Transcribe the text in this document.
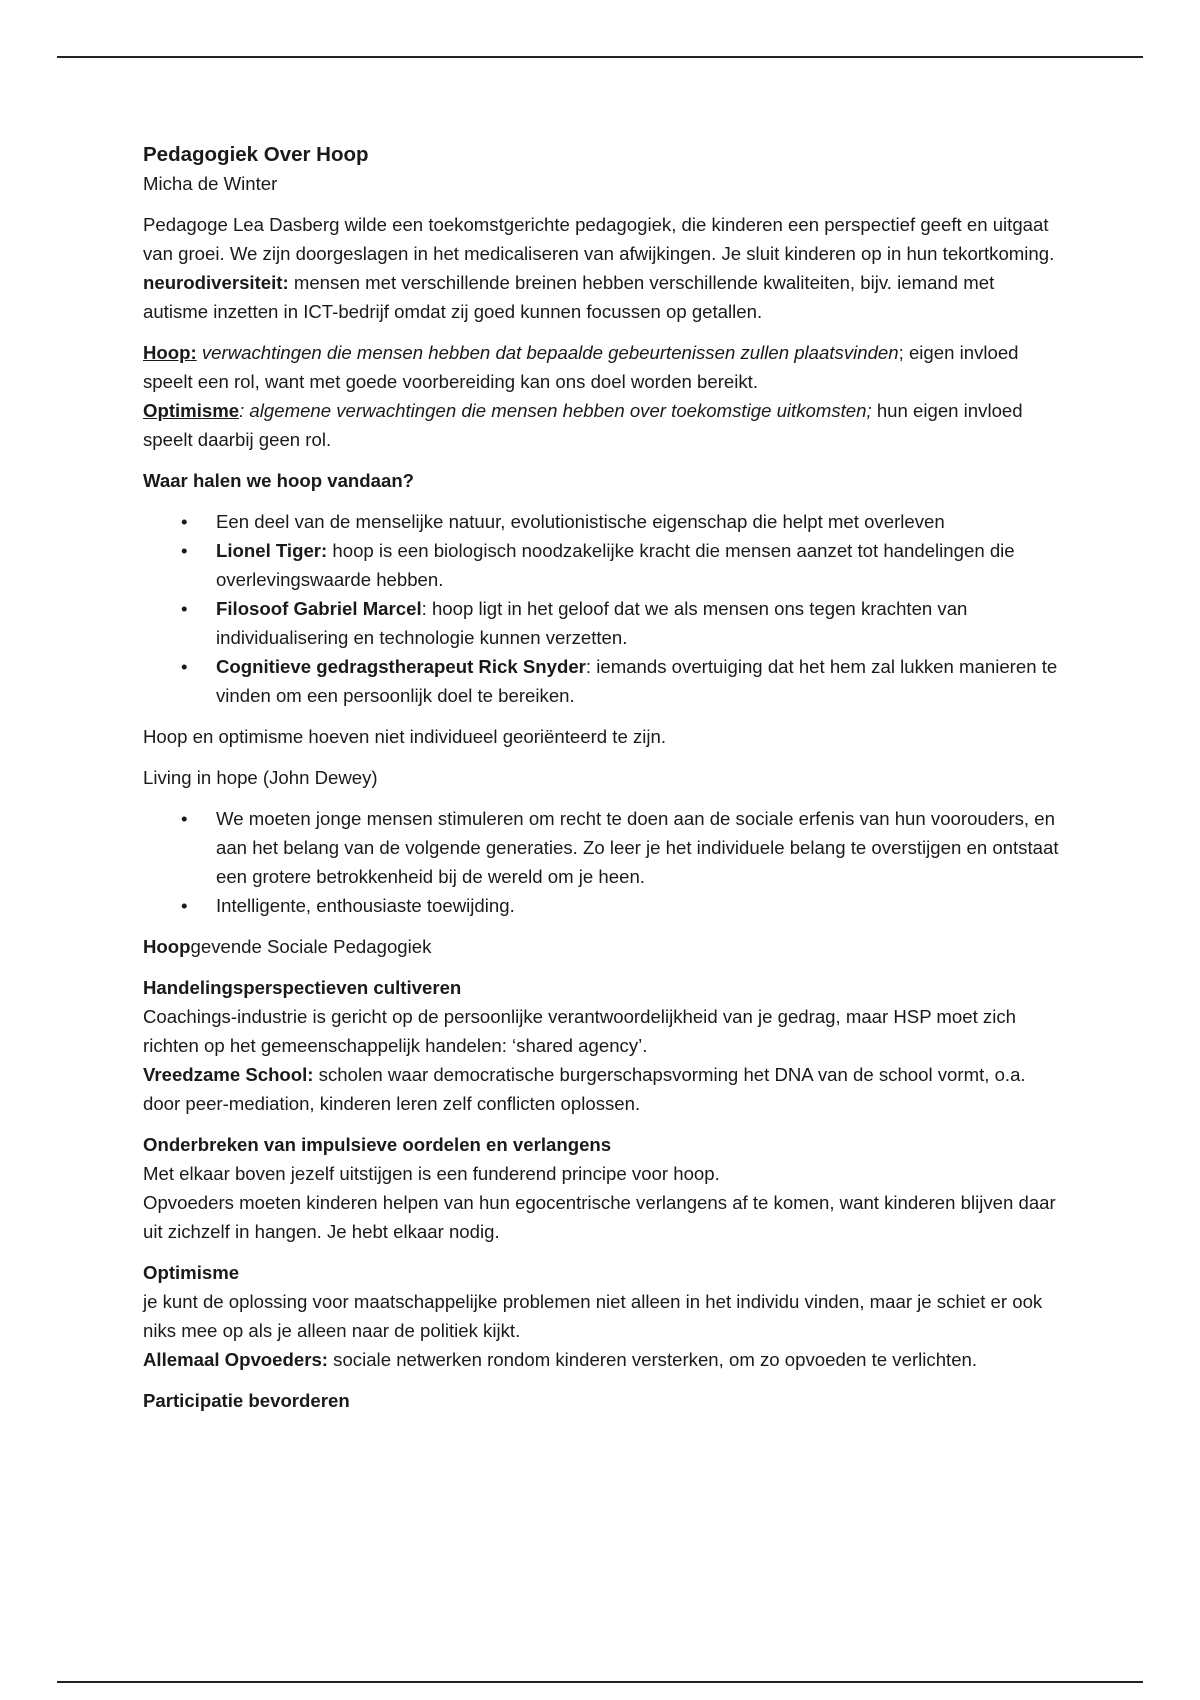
Pedagogiek Over Hoop

Micha de Winter

Pedagoge Lea Dasberg wilde een toekomstgerichte pedagogiek, die kinderen een perspectief geeft en uitgaat van groei. We zijn doorgeslagen in het medicaliseren van afwijkingen. Je sluit kinderen op in hun tekortkoming.

neurodiversiteit: mensen met verschillende breinen hebben verschillende kwaliteiten, bijv. iemand met autisme inzetten in ICT-bedrijf omdat zij goed kunnen focussen op getallen.

Hoop: verwachtingen die mensen hebben dat bepaalde gebeurtenissen zullen plaatsvinden; eigen invloed speelt een rol, want met goede voorbereiding kan ons doel worden bereikt.

Optimisme: algemene verwachtingen die mensen hebben over toekomstige uitkomsten; hun eigen invloed speelt daarbij geen rol.

Waar halen we hoop vandaan?

• Een deel van de menselijke natuur, evolutionistische eigenschap die helpt met overleven
• Lionel Tiger: hoop is een biologisch noodzakelijke kracht die mensen aanzet tot handelingen die overlevingswaarde hebben.
• Filosoof Gabriel Marcel: hoop ligt in het geloof dat we als mensen ons tegen krachten van individualisering en technologie kunnen verzetten.
• Cognitieve gedragstherapeut Rick Snyder: iemands overtuiging dat het hem zal lukken manieren te vinden om een persoonlijk doel te bereiken.

Hoop en optimisme hoeven niet individueel georiënteerd te zijn.

Living in hope (John Dewey)

• We moeten jonge mensen stimuleren om recht te doen aan de sociale erfenis van hun voorouders, en aan het belang van de volgende generaties. Zo leer je het individuele belang te overstijgen en ontstaat een grotere betrokkenheid bij de wereld om je heen.
• Intelligente, enthousiaste toewijding.

Hoopgevende Sociale Pedagogiek

Handelingsperspectieven cultiveren

Coachings-industrie is gericht op de persoonlijke verantwoordelijkheid van je gedrag, maar HSP moet zich richten op het gemeenschappelijk handelen: ‘shared agency’.

Vreedzame School: scholen waar democratische burgerschapsvorming het DNA van de school vormt, o.a. door peer-mediation, kinderen leren zelf conflicten oplossen.

Onderbreken van impulsieve oordelen en verlangens

Met elkaar boven jezelf uitstijgen is een funderend principe voor hoop.

Opvoeders moeten kinderen helpen van hun egocentrische verlangens af te komen, want kinderen blijven daar uit zichzelf in hangen. Je hebt elkaar nodig.

Optimisme

je kunt de oplossing voor maatschappelijke problemen niet alleen in het individu vinden, maar je schiet er ook niks mee op als je alleen naar de politiek kijkt.

Allemaal Opvoeders: sociale netwerken rondom kinderen versterken, om zo opvoeden te verlichten.

Participatie bevorderen
